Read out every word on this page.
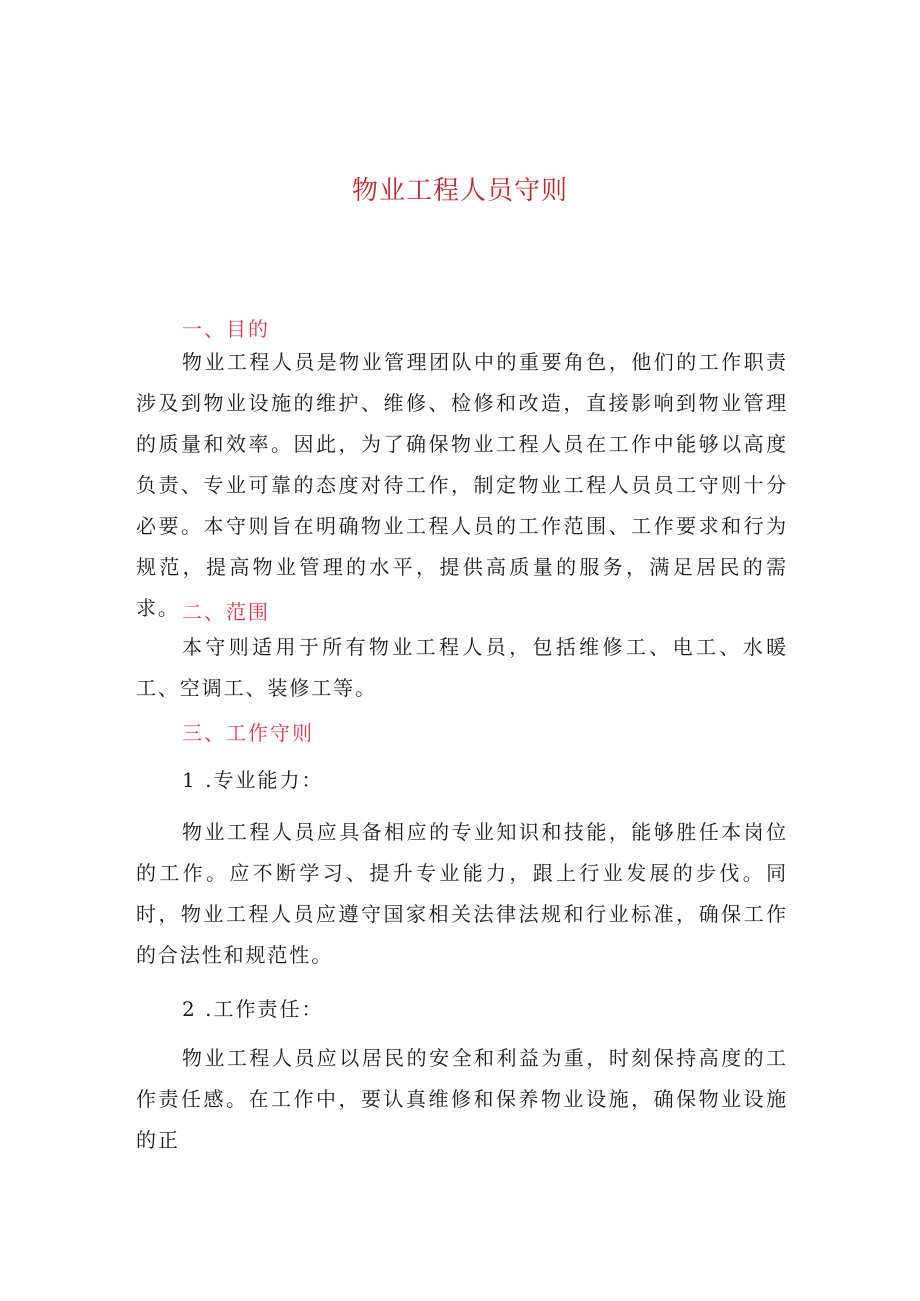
物业工程人员守则
一、目的

物业工程人员是物业管理团队中的重要角色，他们的工作职责涉及到物业设施的维护、维修、检修和改造，直接影响到物业管理的质量和效率。因此，为了确保物业工程人员在工作中能够以高度负责、专业可靠的态度对待工作，制定物业工程人员员工守则十分必要。本守则旨在明确物业工程人员的工作范围、工作要求和行为规范，提高物业管理的水平，提供高质量的服务，满足居民的需求。 二、范围

本守则适用于所有物业工程人员，包括维修工、电工、水暖工、空调工、装修工等。

三、工作守则
1 .专业能力：

物业工程人员应具备相应的专业知识和技能，能够胜任本岗位的工作。应不断学习、提升专业能力，跟上行业发展的步伐。同时，物业工程人员应遵守国家相关法律法规和行业标准，确保工作的合法性和规范性。

2 .工作责任：

物业工程人员应以居民的安全和利益为重，时刻保持高度的工作责任感。在工作中，要认真维修和保养物业设施，确保物业设施的正
